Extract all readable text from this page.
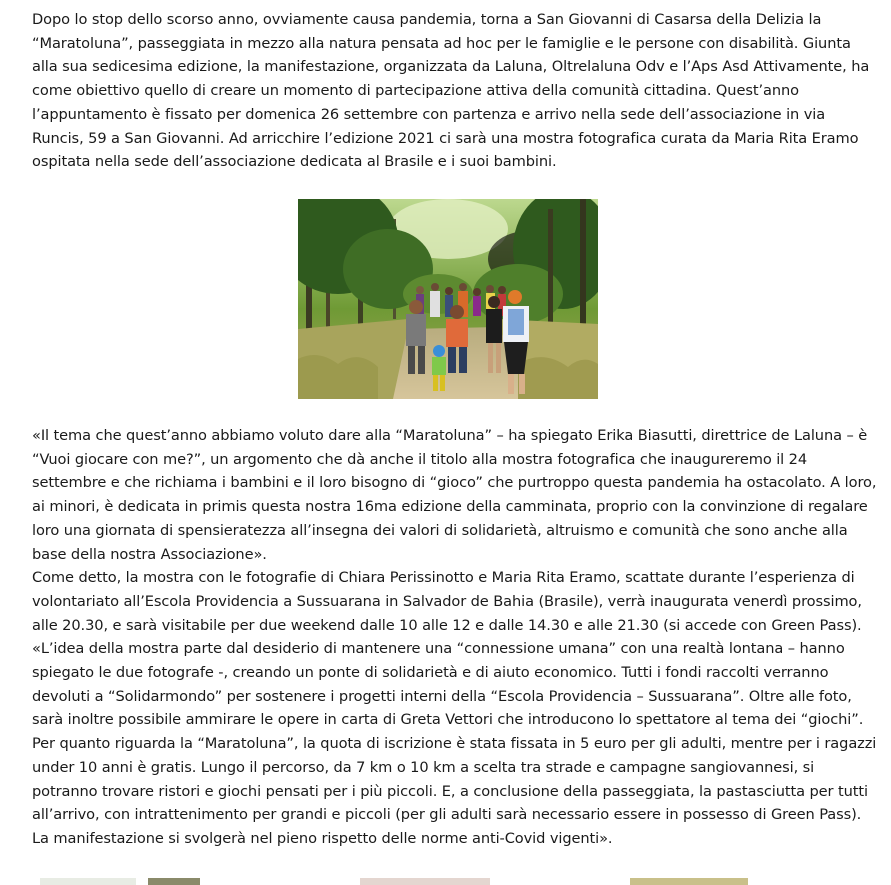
Dopo lo stop dello scorso anno, ovviamente causa pandemia, torna a San Giovanni di Casarsa della Delizia la “Maratoluna”, passeggiata in mezzo alla natura pensata ad hoc per le famiglie e le persone con disabilità. Giunta alla sua sedicesima edizione, la manifestazione, organizzata da Laluna, Oltrelaluna Odv e l’Aps Asd Attivamente, ha come obiettivo quello di creare un momento di partecipazione attiva della comunità cittadina. Quest’anno l’appuntamento è fissato per domenica 26 settembre con partenza e arrivo nella sede dell’associazione in via Runcis, 59 a San Giovanni. Ad arricchire l’edizione 2021 ci sarà una mostra fotografica curata da Maria Rita Eramo ospitata nella sede dell’associazione dedicata al Brasile e i suoi bambini.

«Il tema che quest’anno abbiamo voluto dare alla “Maratoluna” – ha spiegato Erika Biasutti, direttrice de Laluna – è “Vuoi giocare con me?”, un argomento che dà anche il titolo alla mostra fotografica che inaugureremo il 24 settembre e che richiama i bambini e il loro bisogno di “gioco” che purtroppo questa pandemia ha ostacolato. A loro, ai minori, è dedicata in primis questa nostra 16ma edizione della camminata, proprio con la convinzione di regalare loro una giornata di spensieratezza all’insegna dei valori di solidarietà, altruismo e comunità che sono anche alla base della nostra Associazione».

Come detto, la mostra con le fotografie di Chiara Perissinotto e Maria Rita Eramo, scattate durante l’esperienza di volontariato all’Escola Providencia a Sussuarana in Salvador de Bahia (Brasile), verrà inaugurata venerdì prossimo, alle 20.30, e sarà visitabile per due weekend dalle 10 alle 12 e dalle 14.30 e alle 21.30 (si accede con Green Pass).

«L’idea della mostra parte dal desiderio di mantenere una “connessione umana” con una realtà lontana – hanno spiegato le due fotografe -, creando un ponte di solidarietà e di aiuto economico. Tutti i fondi raccolti verranno devoluti a “Solidarmondo” per sostenere i progetti interni della “Escola Providencia – Sussuarana”. Oltre alle foto, sarà inoltre possibile ammirare le opere in carta di Greta Vettori che introducono lo spettatore al tema dei “giochi”.

Per quanto riguarda la “Maratoluna”, la quota di iscrizione è stata fissata in 5 euro per gli adulti, mentre per i ragazzi under 10 anni è gratis. Lungo il percorso, da 7 km o 10 km a scelta tra strade e campagne sangiovannesi, si potranno trovare ristori e giochi pensati per i più piccoli. E, a conclusione della passeggiata, la pastasciutta per tutti all’arrivo, con intrattenimento per grandi e piccoli (per gli adulti sarà necessario essere in possesso di Green Pass). La manifestazione si svolgerà nel pieno rispetto delle norme anti-Covid vigenti».
